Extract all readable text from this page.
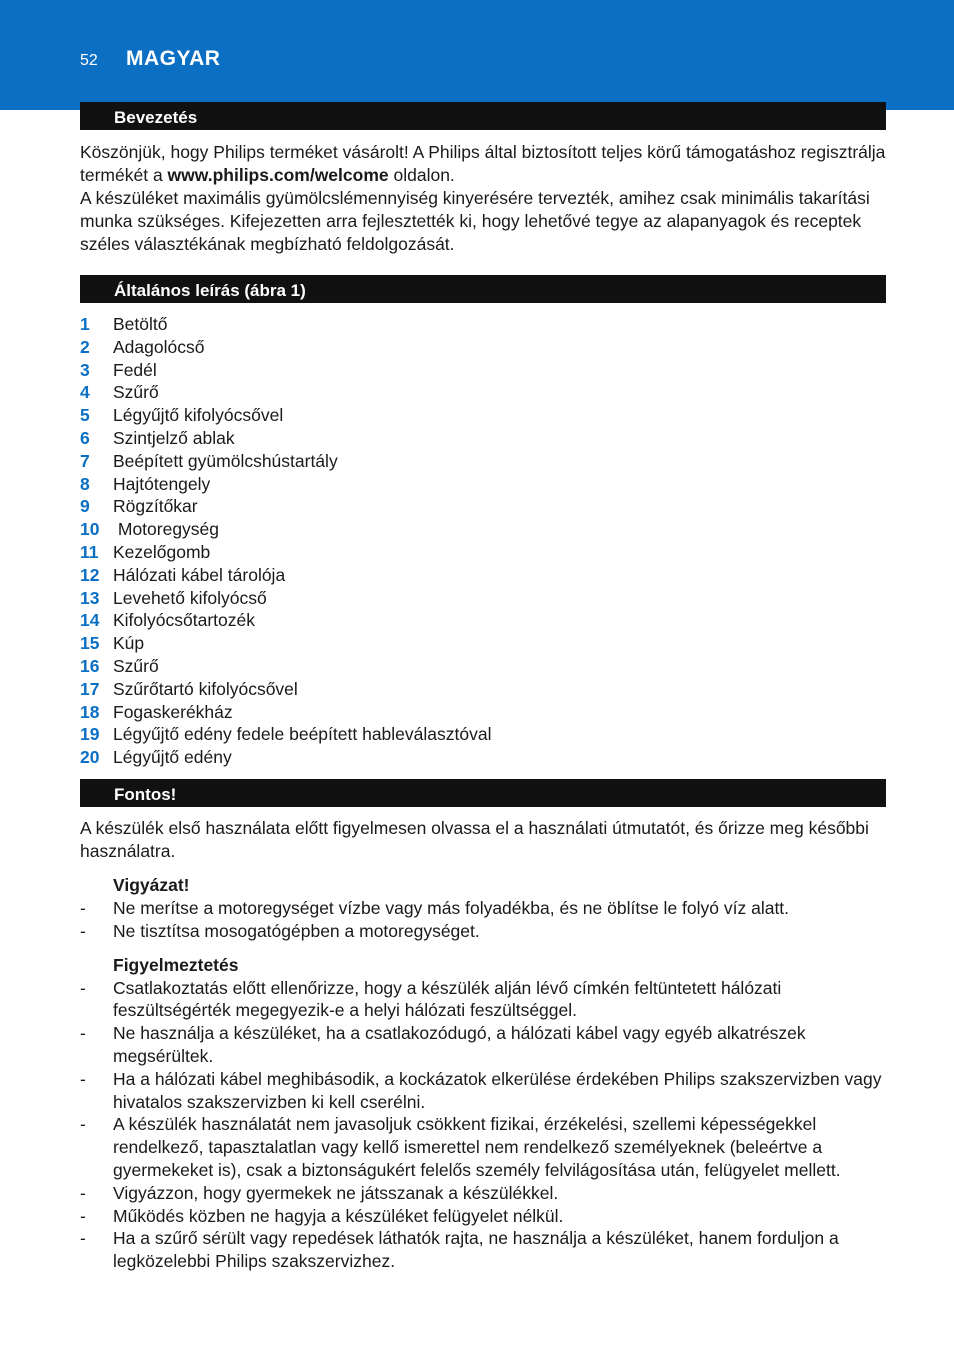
52 MAGYAR
Bevezetés

Köszönjük, hogy Philips terméket vásárolt! A Philips által biztosított teljes körű támogatáshoz regisztrálja termékét a www.philips.com/welcome oldalon.

A készüléket maximális gyümölcslémennyiség kinyerésére tervezték, amihez csak minimális takarítási munka szükséges. Kifejezetten arra fejlesztették ki, hogy lehetővé tegye az alapanyagok és receptek széles választékának megbízható feldolgozását.

Általános leírás (ábra 1)
1	Betöltő
2	Adagolócső
3	Fedél
4	Szűrő
5	Légyűjtő kifolyócsővel
6	Szintjelző ablak
7	Beépített gyümölcshústartály
8	Hajtótengely
9	Rögzítőkar
10 Motoregység
11 Kezelőgomb
12 Hálózati kábel tárolója
13 Levehető kifolyócső
14 Kifolyócsőtartozék
15 Kúp
16 Szűrő
17 Szűrőtartó kifolyócsővel
18 Fogaskerékház
19 Légyűjtő edény fedele beépített hableválasztóval
20 Légyűjtő edény
Fontos!

A készülék első használata előtt figyelmesen olvassa el a használati útmutatót, és őrizze meg későbbi használatra.

Vigyázat!
-	Ne merítse a motoregységet vízbe vagy más folyadékba, és ne öblítse le folyó víz alatt.
-	Ne tisztítsa mosogatógépben a motoregységet.
Figyelmeztetés
-	Csatlakoztatás előtt ellenőrizze, hogy a készülék alján lévő címkén feltüntetett hálózati feszültségérték megegyezik-e a helyi hálózati feszültséggel.
-	Ne használja a készüléket, ha a csatlakozódugó, a hálózati kábel vagy egyéb alkatrészek megsérültek.
-	Ha a hálózati kábel meghibásodik, a kockázatok elkerülése érdekében Philips szakszervizben vagy hivatalos szakszervizben ki kell cserélni.
-	A készülék használatát nem javasoljuk csökkent fizikai, érzékelési, szellemi képességekkel rendelkező, tapasztalatlan vagy kellő ismerettel nem rendelkező személyeknek (beleértve a gyermekeket is), csak a biztonságukért felelős személy felvilágosítása után, felügyelet mellett.
-	Vigyázzon, hogy gyermekek ne játsszanak a készülékkel.
-	Működés közben ne hagyja a készüléket felügyelet nélkül.
-	Ha a szűrő sérült vagy repedések láthatók rajta, ne használja a készüléket, hanem forduljon a legközelebbi Philips szakszervizhez.
